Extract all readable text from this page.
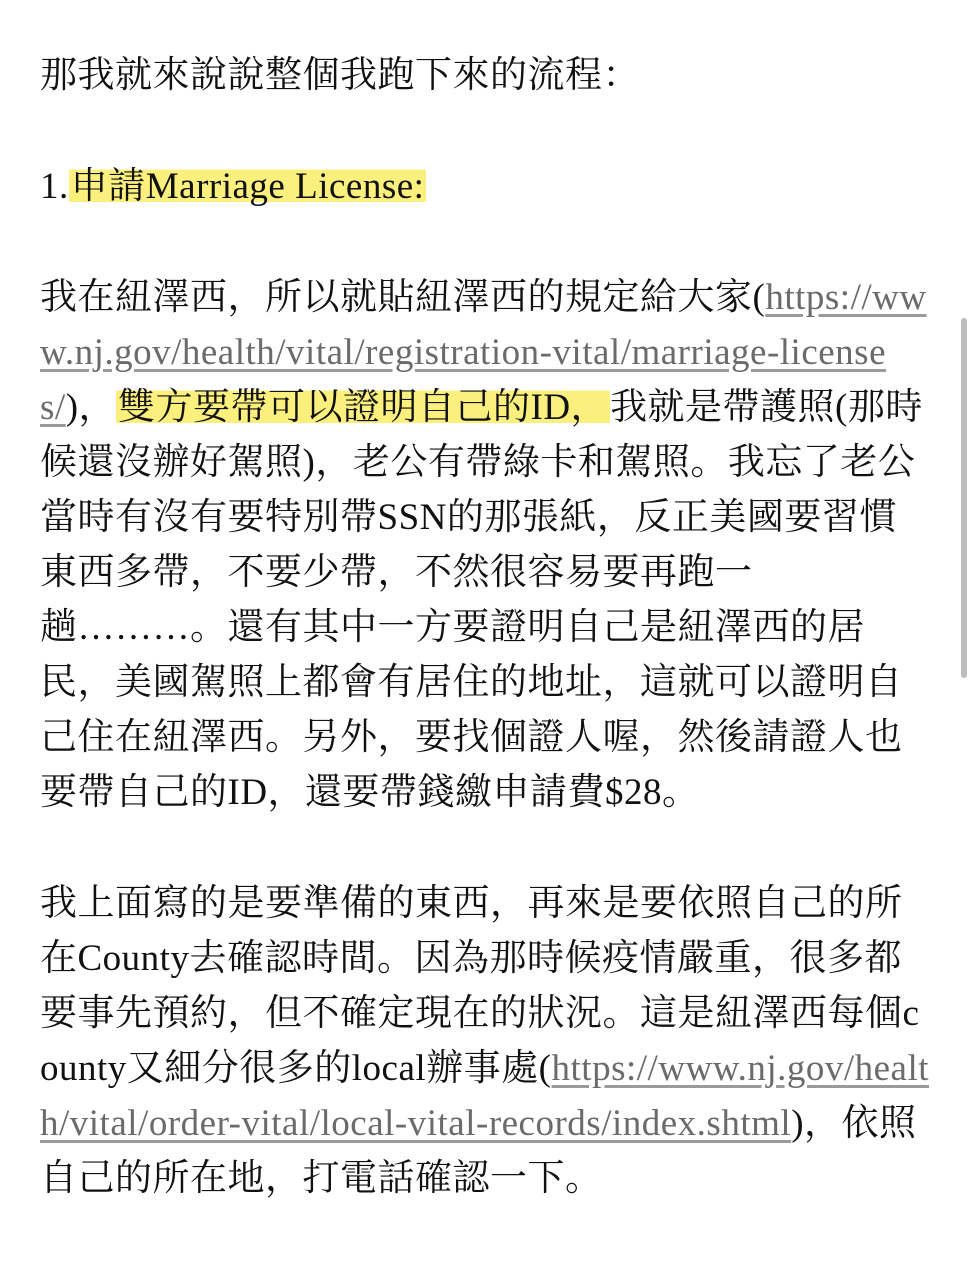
那我就來說說整個我跑下來的流程：

1.申請Marriage License:

我在紐澤西，所以就貼紐澤西的規定給大家(https://www.nj.gov/health/vital/registration-vital/marriage-licenses/)，雙方要帶可以證明自己的ID，我就是帶護照(那時候還沒辦好駕照)，老公有帶綠卡和駕照。我忘了老公當時有沒有要特別帶SSN的那張紙，反正美國要習慣東西多帶，不要少帶，不然很容易要再跑一趟………。還有其中一方要證明自己是紐澤西的居民，美國駕照上都會有居住的地址，這就可以證明自己住在紐澤西。另外，要找個證人喔，然後請證人也要帶自己的ID，還要帶錢繳申請費$28。

我上面寫的是要準備的東西，再來是要依照自己的所在County去確認時間。因為那時候疫情嚴重，很多都要事先預約，但不確定現在的狀況。這是紐澤西每個county又細分很多的local辦事處(https://www.nj.gov/health/vital/order-vital/local-vital-records/index.shtml)，依照自己的所在地，打電話確認一下。
